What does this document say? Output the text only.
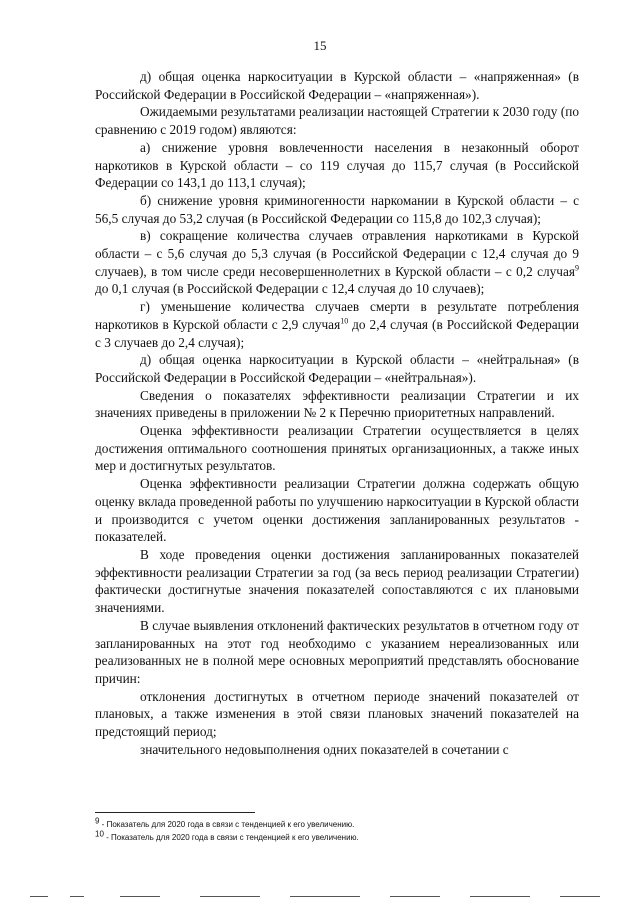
15

д) общая оценка наркоситуации в Курской области – «напряженная» (в Российской Федерации в Российской Федерации – «напряженная»).

Ожидаемыми результатами реализации настоящей Стратегии к 2030 году (по сравнению с 2019 годом) являются:

а) снижение уровня вовлеченности населения в незаконный оборот наркотиков в Курской области – со 119 случая до 115,7 случая (в Российской Федерации со 143,1 до 113,1 случая);

б) снижение уровня криминогенности наркомании в Курской области – с 56,5 случая до 53,2 случая (в Российской Федерации со 115,8 до 102,3 случая);

в) сокращение количества случаев отравления наркотиками в Курской области – с 5,6 случая до 5,3 случая (в Российской Федерации с 12,4 случая до 9 случаев), в том числе среди несовершеннолетних в Курской области – с 0,2 случая$^9$ до 0,1 случая (в Российской Федерации с 12,4 случая до 10 случаев);

г) уменьшение количества случаев смерти в результате потребления наркотиков в Курской области с 2,9 случая$^{10}$ до 2,4 случая (в Российской Федерации с 3 случаев до 2,4 случая);

д) общая оценка наркоситуации в Курской области – «нейтральная» (в Российской Федерации в Российской Федерации – «нейтральная»).

Сведения о показателях эффективности реализации Стратегии и их значениях приведены в приложении № 2 к Перечню приоритетных направлений.

Оценка эффективности реализации Стратегии осуществляется в целях достижения оптимального соотношения принятых организационных, а также иных мер и достигнутых результатов.

Оценка эффективности реализации Стратегии должна содержать общую оценку вклада проведенной работы по улучшению наркоситуации в Курской области и производится с учетом оценки достижения запланированных результатов - показателей.

В ходе проведения оценки достижения запланированных показателей эффективности реализации Стратегии за год (за весь период реализации Стратегии) фактически достигнутые значения показателей сопоставляются с их плановыми значениями.

В случае выявления отклонений фактических результатов в отчетном году от запланированных на этот год необходимо с указанием нереализованных или реализованных не в полной мере основных мероприятий представлять обоснование причин:

отклонения достигнутых в отчетном периоде значений показателей от плановых, а также изменения в этой связи плановых значений показателей на предстоящий период;

значительного недовыполнения одних показателей в сочетании с

$^9$ - Показатель для 2020 года в связи с тенденцией к его увеличению.

$^{10}$ - Показатель для 2020 года в связи с тенденцией к его увеличению.
